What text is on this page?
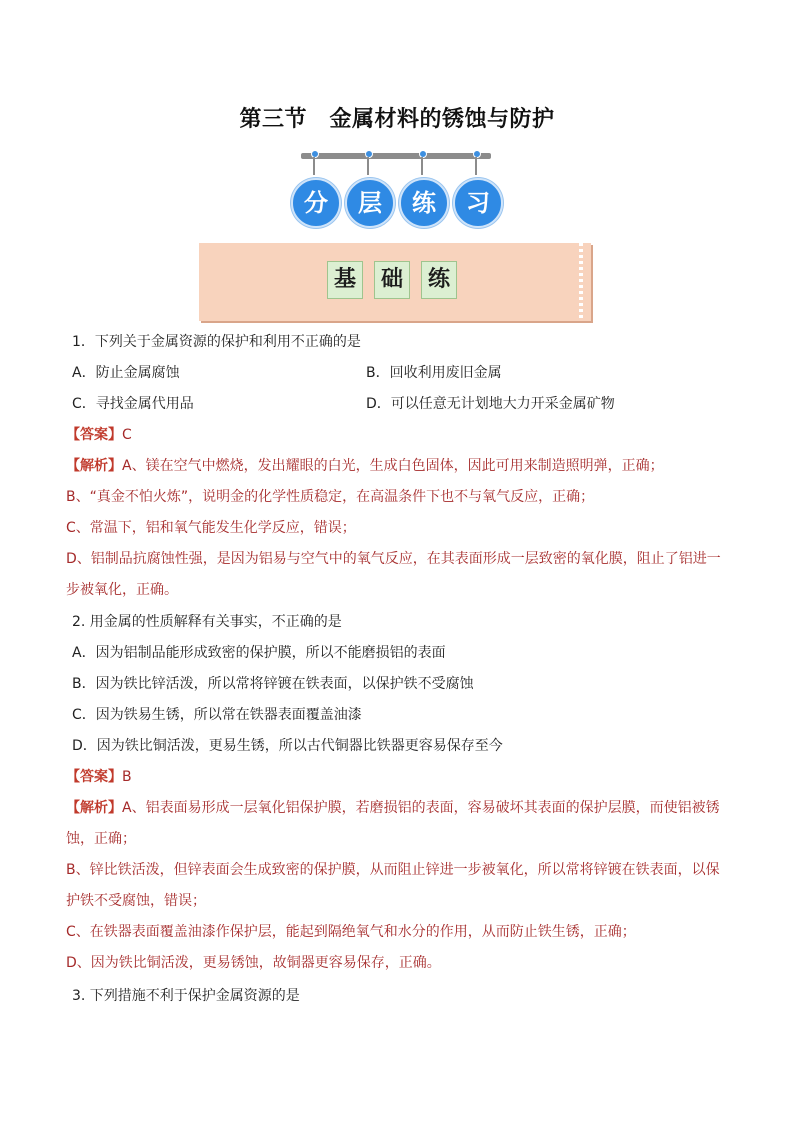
第三节　金属材料的锈蚀与防护
分	层	练	习
基	础	练
1．下列关于金属资源的保护和利用不正确的是
A．防止金属腐蚀	B．回收利用废旧金属
C．寻找金属代用品	D．可以任意无计划地大力开采金属矿物
【答案】C
【解析】A、镁在空气中燃烧，发出耀眼的白光，生成白色固体，因此可用来制造照明弹，正确；
B、“真金不怕火炼”，说明金的化学性质稳定，在高温条件下也不与氧气反应，正确；
C、常温下，铝和氧气能发生化学反应，错误；
D、铝制品抗腐蚀性强，是因为铝易与空气中的氧气反应，在其表面形成一层致密的氧化膜，阻止了铝进一
步被氧化，正确。
2. 用金属的性质解释有关事实，不正确的是
A．因为铝制品能形成致密的保护膜，所以不能磨损铝的表面
B．因为铁比锌活泼，所以常将锌镀在铁表面，以保护铁不受腐蚀
C．因为铁易生锈，所以常在铁器表面覆盖油漆
D．因为铁比铜活泼，更易生锈，所以古代铜器比铁器更容易保存至今
【答案】B
【解析】A、铝表面易形成一层氧化铝保护膜，若磨损铝的表面，容易破坏其表面的保护层膜，而使铝被锈
蚀，正确；
B、锌比铁活泼，但锌表面会生成致密的保护膜，从而阻止锌进一步被氧化，所以常将锌镀在铁表面，以保
护铁不受腐蚀，错误；
C、在铁器表面覆盖油漆作保护层，能起到隔绝氧气和水分的作用，从而防止铁生锈，正确；
D、因为铁比铜活泼，更易锈蚀，故铜器更容易保存，正确。
3. 下列措施不利于保护金属资源的是
